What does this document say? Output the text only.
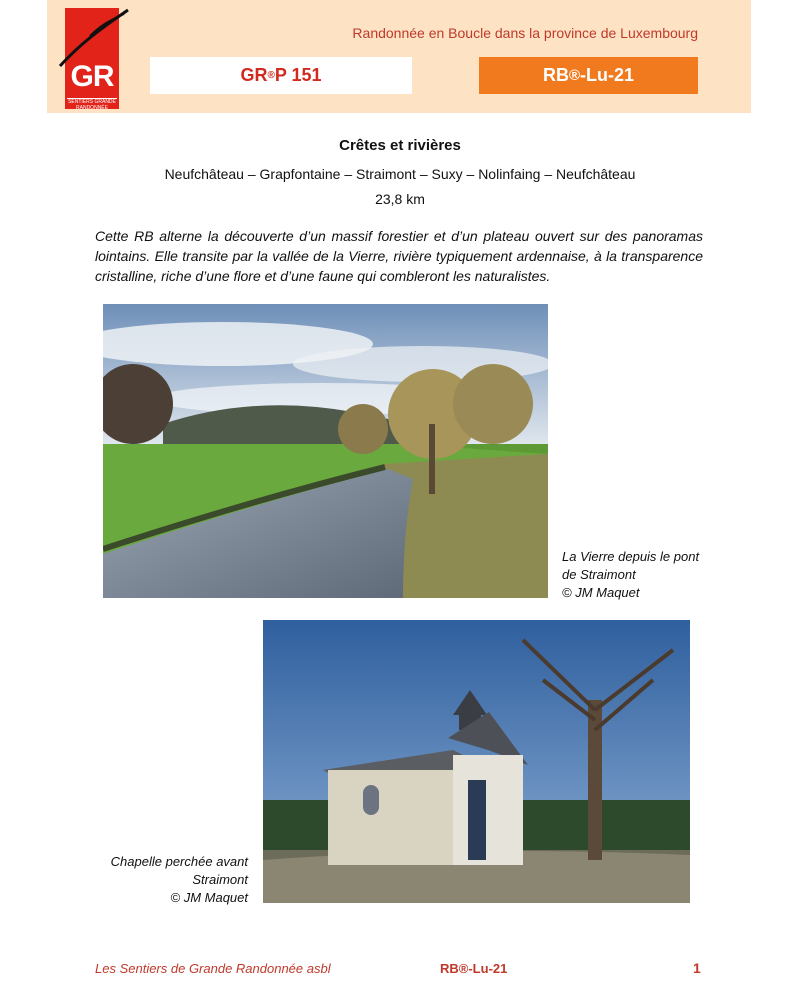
GR
SENTIERS GRANDE RANDONNÉE
Randonnée en Boucle dans la province de Luxembourg
GR ® P 151	RB ® -Lu-21
Crêtes et rivières
Neufchâteau – Grapfontaine – Straimont – Suxy – Nolinfaing – Neufchâteau
23,8 km
Cette RB alterne la découverte d’un massif forestier et d’un plateau ouvert sur des panoramas lointains. Elle transite par la vallée de la Vierre, rivière typiquement ardennaise, à la transparence cristalline, riche d’une flore et d’une faune qui combleront les naturalistes.
La Vierre depuis le pont
de Straimont
© JM Maquet
Chapelle perchée avant
Straimont
© JM Maquet
Les Sentiers de Grande Randonnée asbl	RB®-Lu-21	1
